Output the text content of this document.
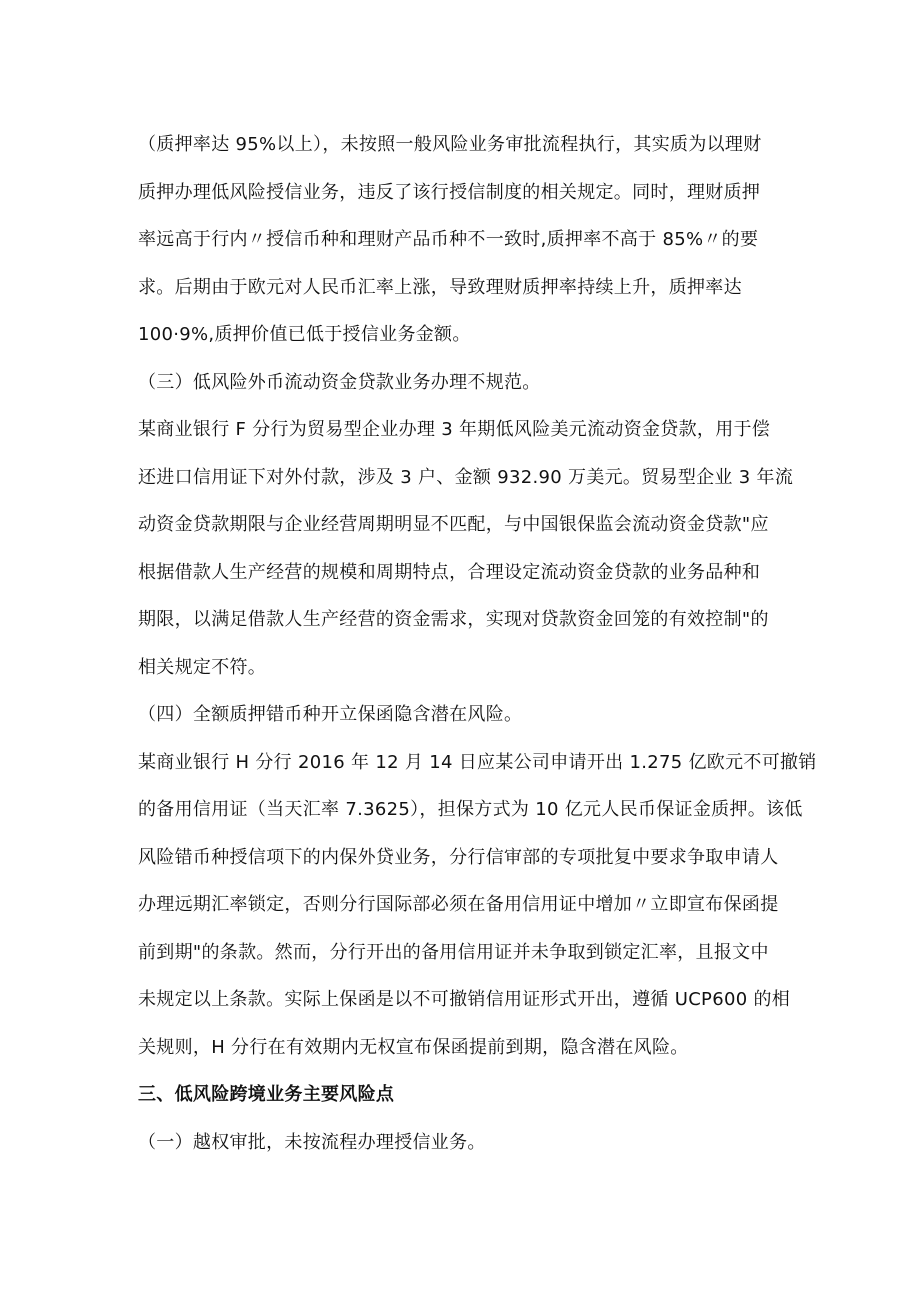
（质押率达 95%以上），未按照一般风险业务审批流程执行，其实质为以理财
质押办理低风险授信业务，违反了该行授信制度的相关规定。同时，理财质押
率远高于行内〃授信币种和理财产品币种不一致时,质押率不高于 85%〃的要
求。后期由于欧元对人民币汇率上涨，导致理财质押率持续上升，质押率达
100·9%,质押价值已低于授信业务金额。
（三）低风险外币流动资金贷款业务办理不规范。
某商业银行 F 分行为贸易型企业办理 3 年期低风险美元流动资金贷款，用于偿
还进口信用证下对外付款，涉及 3 户、金额 932.90 万美元。贸易型企业 3 年流
动资金贷款期限与企业经营周期明显不匹配，与中国银保监会流动资金贷款"应
根据借款人生产经营的规模和周期特点，合理设定流动资金贷款的业务品种和
期限，以满足借款人生产经营的资金需求，实现对贷款资金回笼的有效控制"的
相关规定不符。
（四）全额质押错币种开立保函隐含潜在风险。
某商业银行 H 分行 2016 年 12 月 14 日应某公司申请开出 1.275 亿欧元不可撤销
的备用信用证（当天汇率 7.3625），担保方式为 10 亿元人民币保证金质押。该低
风险错币种授信项下的内保外贷业务，分行信审部的专项批复中要求争取申请人
办理远期汇率锁定，否则分行国际部必须在备用信用证中增加〃立即宣布保函提
前到期"的条款。然而，分行开出的备用信用证并未争取到锁定汇率，且报文中
未规定以上条款。实际上保函是以不可撤销信用证形式开出，遵循 UCP600 的相
关规则，H 分行在有效期内无权宣布保函提前到期，隐含潜在风险。
三、低风险跨境业务主要风险点
（一）越权审批，未按流程办理授信业务。
